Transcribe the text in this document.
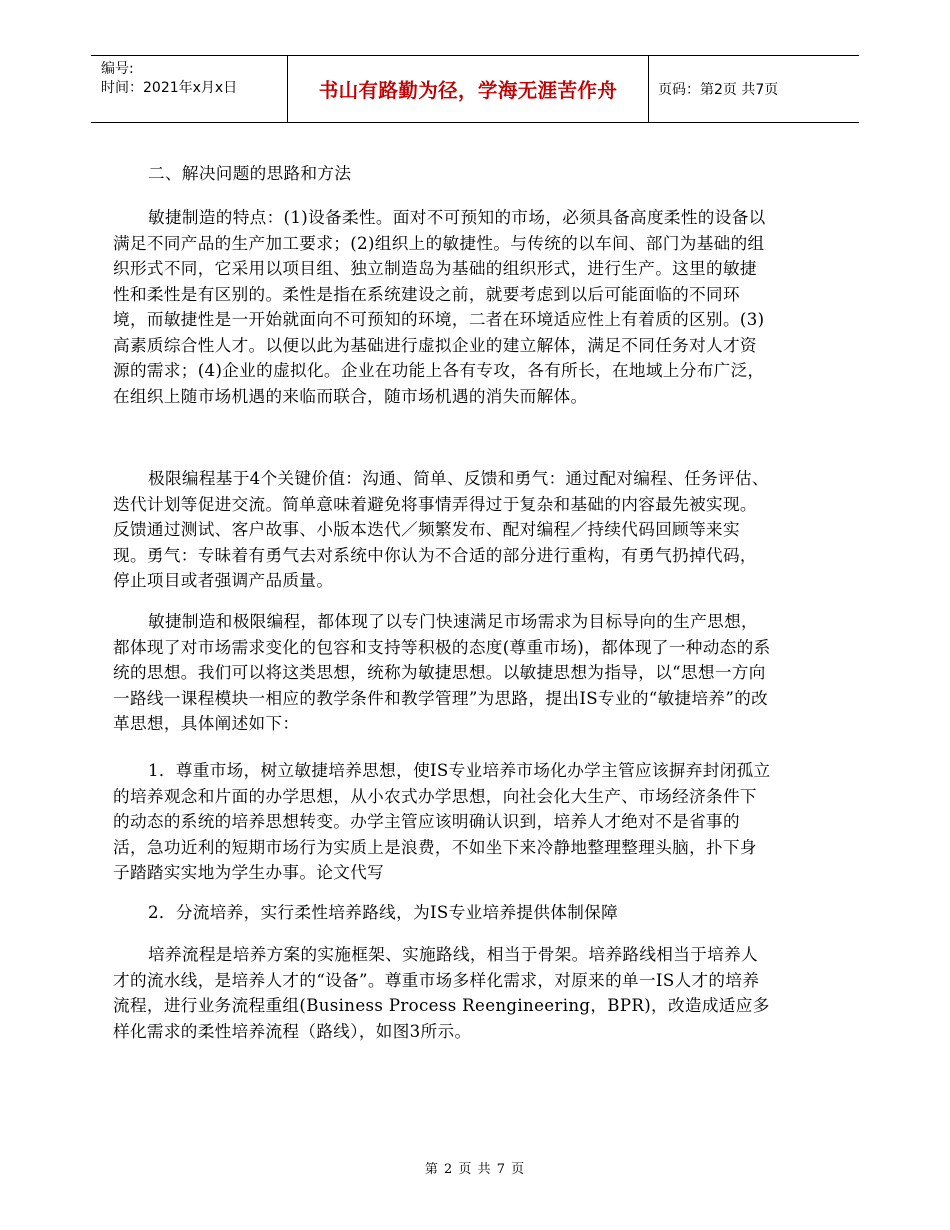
编号:
时间：2021年x月x日	书山有路勤为径，学海无涯苦作舟	页码：第2页 共7页

二、解决问题的思路和方法

敏捷制造的特点：(1)设备柔性。面对不可预知的市场，必须具备高度柔性的设备以满足不同产品的生产加工要求；(2)组织上的敏捷性。与传统的以车间、部门为基础的组织形式不同，它采用以项目组、独立制造岛为基础的组织形式，进行生产。这里的敏捷性和柔性是有区别的。柔性是指在系统建设之前，就要考虑到以后可能面临的不同环境，而敏捷性是一开始就面向不可预知的环境，二者在环境适应性上有着质的区别。(3)高素质综合性人才。以便以此为基础进行虚拟企业的建立解体，满足不同任务对人才资源的需求；(4)企业的虚拟化。企业在功能上各有专攻，各有所长，在地域上分布广泛，在组织上随市场机遇的来临而联合，随市场机遇的消失而解体。

极限编程基于4个关键价值：沟通、简单、反馈和勇气：通过配对编程、任务评估、迭代计划等促进交流。简单意味着避免将事情弄得过于复杂和基础的内容最先被实现。反馈通过测试、客户故事、小版本迭代／频繁发布、配对编程／持续代码回顾等来实现。勇气：专昧着有勇气去对系统中你认为不合适的部分进行重构，有勇气扔掉代码，停止项目或者强调产品质量。

敏捷制造和极限编程，都体现了以专门快速满足市场需求为目标导向的生产思想，都体现了对市场需求变化的包容和支持等积极的态度(尊重市场)，都体现了一种动态的系统的思想。我们可以将这类思想，统称为敏捷思想。以敏捷思想为指导，以“思想一方向一路线一课程模块一相应的教学条件和教学管理”为思路，提出IS专业的“敏捷培养”的改革思想，具体阐述如下：

1．尊重市场，树立敏捷培养思想，使IS专业培养市场化办学主管应该摒弃封闭孤立的培养观念和片面的办学思想，从小农式办学思想，向社会化大生产、市场经济条件下的动态的系统的培养思想转变。办学主管应该明确认识到，培养人才绝对不是省事的活，急功近利的短期市场行为实质上是浪费，不如坐下来冷静地整理整理头脑，扑下身子踏踏实实地为学生办事。论文代写

2．分流培养，实行柔性培养路线，为IS专业培养提供体制保障

培养流程是培养方案的实施框架、实施路线，相当于骨架。培养路线相当于培养人才的流水线，是培养人才的“设备”。尊重市场多样化需求，对原来的单一IS人才的培养流程，进行业务流程重组(Business Process Reengineering，BPR)，改造成适应多样化需求的柔性培养流程（路线），如图3所示。

第 2 页 共 7 页
